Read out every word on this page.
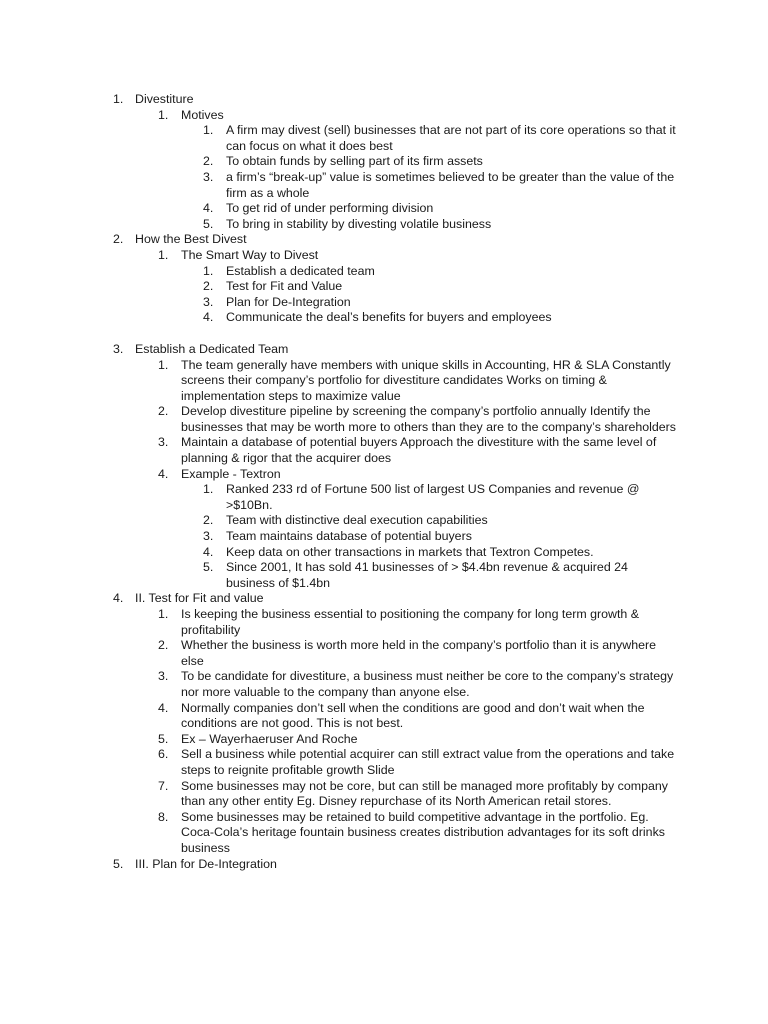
1. Divestiture
1. Motives
1. A firm may divest (sell) businesses that are not part of its core operations so that it can focus on what it does best
2. To obtain funds by selling part of its firm assets
3. a firm’s “break-up” value is sometimes believed to be greater than the value of the firm as a whole
4. To get rid of under performing division
5. To bring in stability by divesting volatile business
2. How the Best Divest
1. The Smart Way to Divest
1. Establish a dedicated team
2. Test for Fit and Value
3. Plan for De-Integration
4. Communicate the deal’s benefits for buyers and employees
3. Establish a Dedicated Team
1. The team generally have members with unique skills in Accounting, HR & SLA Constantly screens their company’s portfolio for divestiture candidates Works on timing & implementation steps to maximize value
2. Develop divestiture pipeline by screening the company’s portfolio annually Identify the businesses that may be worth more to others than they are to the company’s shareholders
3. Maintain a database of potential buyers Approach the divestiture with the same level of planning & rigor that the acquirer does
4. Example - Textron
1. Ranked 233 rd of Fortune 500 list of largest US Companies and revenue @ >$10Bn.
2. Team with distinctive deal execution capabilities
3. Team maintains database of potential buyers
4. Keep data on other transactions in markets that Textron Competes.
5. Since 2001, It has sold 41 businesses of > $4.4bn revenue & acquired 24 business of $1.4bn
4. II. Test for Fit and value
1. Is keeping the business essential to positioning the company for long term growth & profitability
2. Whether the business is worth more held in the company’s portfolio than it is anywhere else
3. To be candidate for divestiture, a business must neither be core to the company’s strategy nor more valuable to the company than anyone else.
4. Normally companies don’t sell when the conditions are good and don’t wait when the conditions are not good. This is not best.
5. Ex – Wayerhaeruser And Roche
6. Sell a business while potential acquirer can still extract value from the operations and take steps to reignite profitable growth Slide
7. Some businesses may not be core, but can still be managed more profitably by company than any other entity Eg. Disney repurchase of its North American retail stores.
8. Some businesses may be retained to build competitive advantage in the portfolio. Eg. Coca-Cola’s heritage fountain business creates distribution advantages for its soft drinks business
5. III. Plan for De-Integration
